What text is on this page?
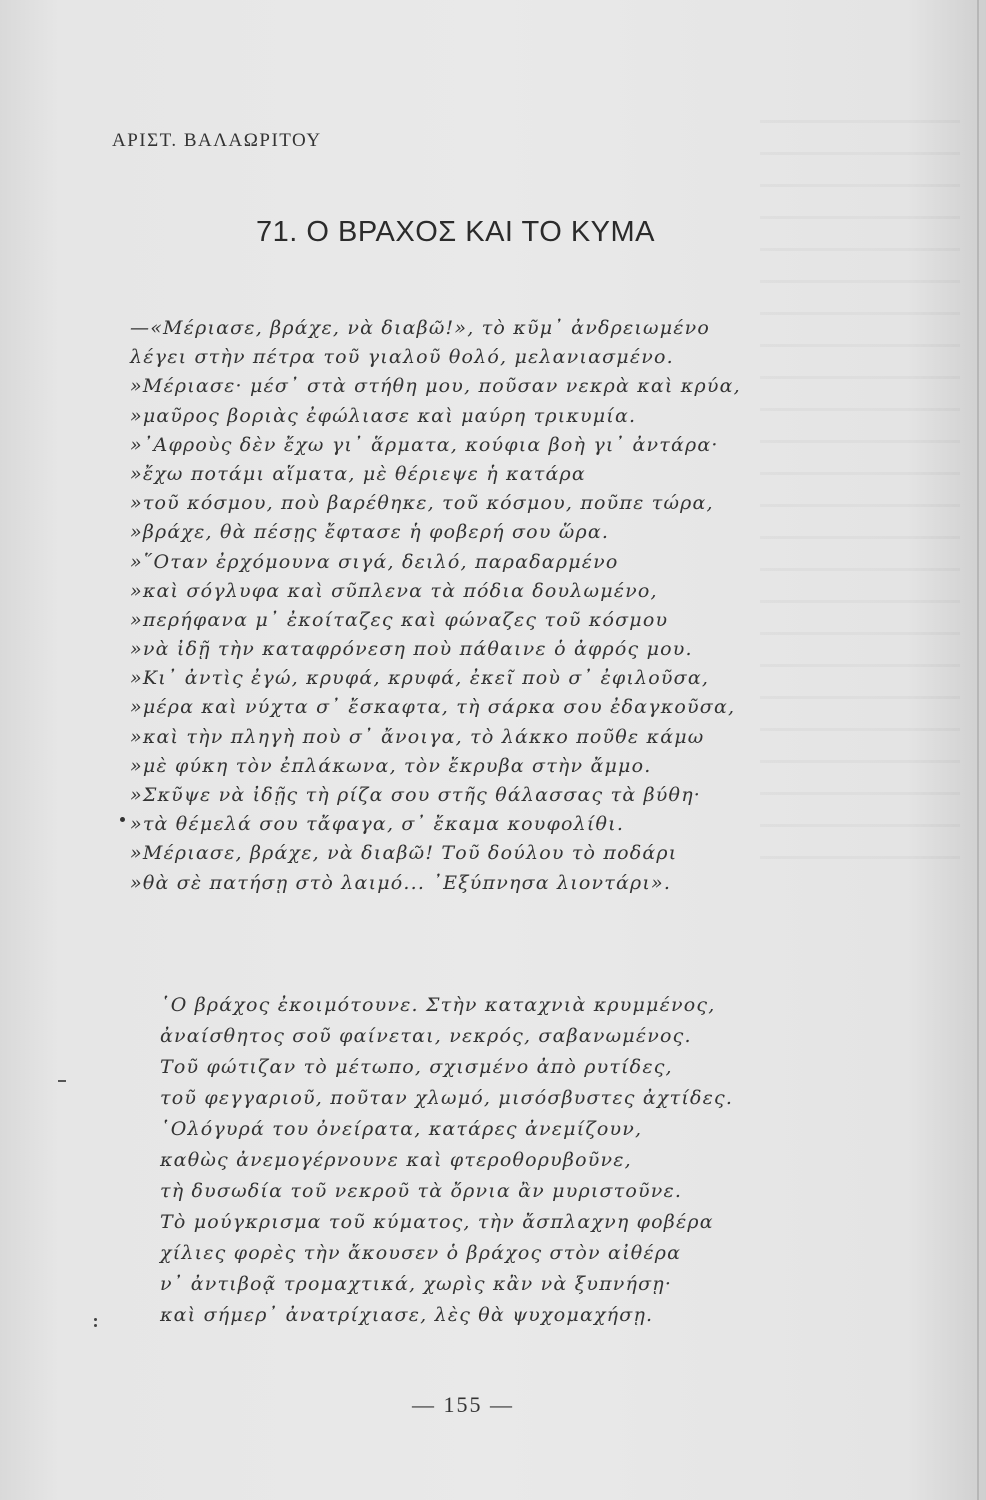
ΑΡΙΣΤ. ΒΑΛΑΩΡΙΤΟΥ
71. Ο ΒΡΑΧΟΣ ΚΑΙ ΤΟ ΚΥΜΑ
—«Μέριασε, βράχε, νὰ διαβῶ!», τὸ κῦμ᾽ ἀνδρειωμένο
λέγει στὴν πέτρα τοῦ γιαλοῦ θολό, μελανιασμένο.
»Μέριασε· μέσ᾽ στὰ στήθη μου, ποῦσαν νεκρὰ καὶ κρύα,
»μαῦρος βοριὰς ἐφώλιασε καὶ μαύρη τρικυμία.
»᾽Αφροὺς δὲν ἔχω γι᾽ ἅρματα, κούφια βοὴ γι᾽ ἀντάρα·
»ἔχω ποτάμι αἵματα, μὲ θέριεψε ἡ κατάρα
»τοῦ κόσμου, ποὺ βαρέθηκε, τοῦ κόσμου, ποῦπε τώρα,
»βράχε, θὰ πέσῃς ἔφτασε ἡ φοβερή σου ὥρα.
»῞Οταν ἐρχόμουνα σιγά, δειλό, παραδαρμένο
»καὶ σόγλυφα καὶ σῦπλενα τὰ πόδια δουλωμένο,
»περήφανα μ᾽ ἐκοίταζες καὶ φώναζες τοῦ κόσμου
»νὰ ἰδῇ τὴν καταφρόνεση ποὺ πάθαινε ὁ ἀφρός μου.
»Κι᾽ ἀντὶς ἐγώ, κρυφά, κρυφά, ἐκεῖ ποὺ σ᾽ ἐφιλοῦσα,
»μέρα καὶ νύχτα σ᾽ ἔσκαφτα, τὴ σάρκα σου ἐδαγκοῦσα,
»καὶ τὴν πληγὴ ποὺ σ᾽ ἄνοιγα, τὸ λάκκο ποῦθε κάμω
»μὲ φύκη τὸν ἐπλάκωνα, τὸν ἔκρυβα στὴν ἄμμο.
»Σκῦψε νὰ ἰδῇς τὴ ρίζα σου στῆς θάλασσας τὰ βύθη·
»τὰ θέμελά σου τἄφαγα, σ᾽ ἔκαμα κουφολίθι.
»Μέριασε, βράχε, νὰ διαβῶ! Τοῦ δούλου τὸ ποδάρι
»θὰ σὲ πατήσῃ στὸ λαιμό... ᾽Εξύπνησα λιοντάρι».
῾Ο βράχος ἐκοιμότουνε. Στὴν καταχνιὰ κρυμμένος,
ἀναίσθητος σοῦ φαίνεται, νεκρός, σαβανωμένος.
Τοῦ φώτιζαν τὸ μέτωπο, σχισμένο ἀπὸ ρυτίδες,
τοῦ φεγγαριοῦ, ποῦταν χλωμό, μισόσβυστες ἀχτίδες.
῾Ολόγυρά του ὀνείρατα, κατάρες ἀνεμίζουν,
καθὼς ἀνεμογέρνουνε καὶ φτεροθορυβοῦνε,
τὴ δυσωδία τοῦ νεκροῦ τὰ ὄρνια ἂν μυριστοῦνε.
Τὸ μούγκρισμα τοῦ κύματος, τὴν ἄσπλαχνη φοβέρα
χίλιες φορὲς τὴν ἄκουσεν ὁ βράχος στὸν αἰθέρα
ν᾽ ἀντιβοᾷ τρομαχτικά, χωρὶς κἂν νὰ ξυπνήσῃ·
καὶ σήμερ᾽ ἀνατρίχιασε, λὲς θὰ ψυχομαχήσῃ.
— 155 —
